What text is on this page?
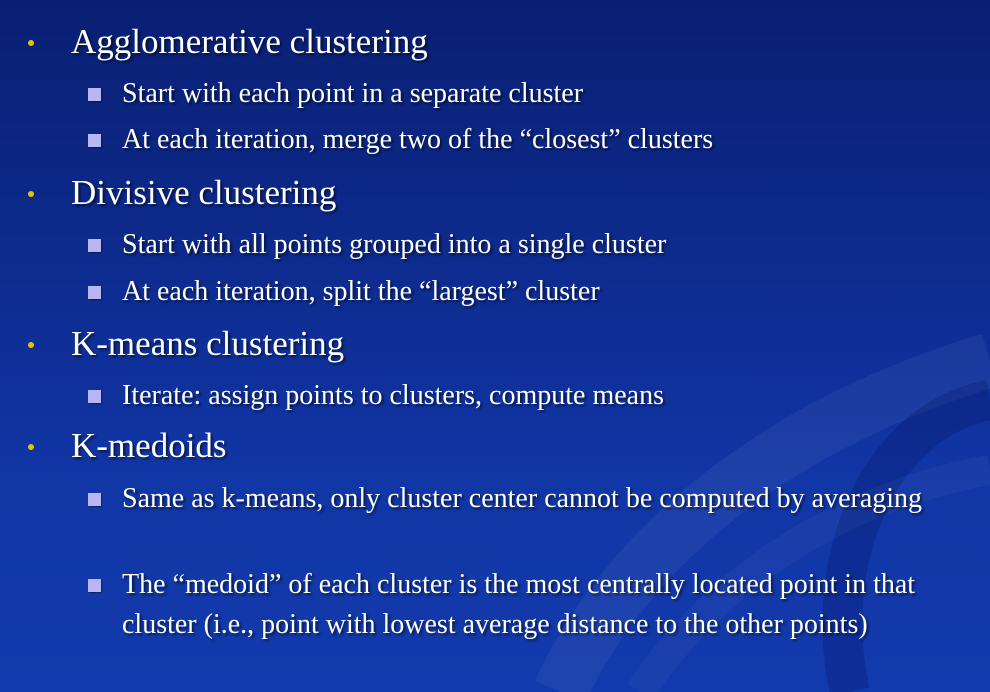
Agglomerative clustering
Start with each point in a separate cluster
At each iteration, merge two of the “closest” clusters
Divisive clustering
Start with all points grouped into a single cluster
At each iteration, split the “largest” cluster
K-means clustering
Iterate: assign points to clusters, compute means
K-medoids
Same as k-means, only cluster center cannot be computed by averaging
The “medoid” of each cluster is the most centrally located point in that cluster (i.e., point with lowest average distance to the other points)
